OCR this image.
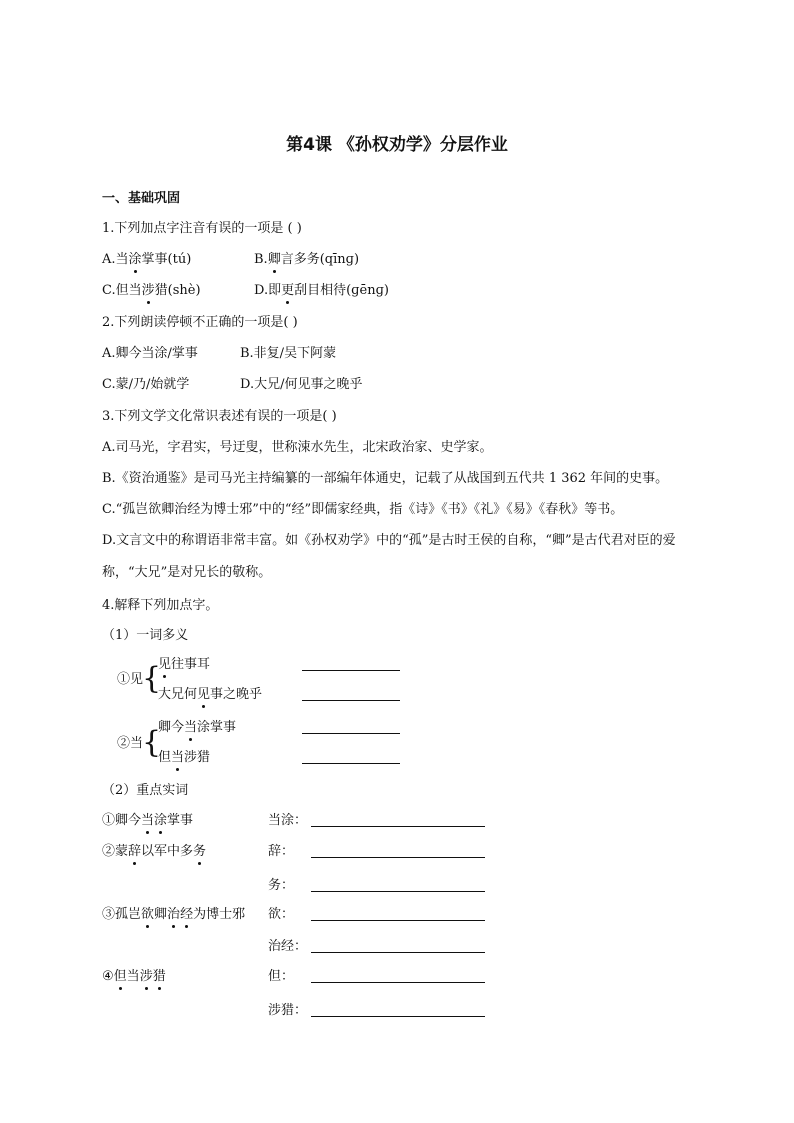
第4课 《孙权劝学》分层作业
一、基础巩固
1.下列加点字注音有误的一项是 ( )
A.当涂掌事(tú)	B.卿言多务(qīnɡ)
C.但当涉猎(shè)	D.即更刮目相待(ɡēnɡ)
2.下列朗读停顿不正确的一项是( )
A.卿今当涂/掌事	B.非复/吴下阿蒙
C.蒙/乃/始就学	D.大兄/何见事之晚乎
3.下列文学文化常识表述有误的一项是( )
A.司马光，字君实，号迂叟，世称涑水先生，北宋政治家、史学家。
B.《资治通鉴》是司马光主持编纂的一部编年体通史，记载了从战国到五代共 1 362 年间的史事。
C.“孤岂欲卿治经为博士邪”中的“经”即儒家经典，指《诗》《书》《礼》《易》《春秋》等书。
D.文言文中的称谓语非常丰富。如《孙权劝学》中的“孤”是古时王侯的自称，“卿”是古代君对臣的爱称，“大兄”是对兄长的敬称。
4.解释下列加点字。
（1）一词多义
①见
{
见往事耳
大兄何见事之晚乎
②当
{
卿今当涂掌事
但当涉猎
（2）重点实词
①卿今当涂掌事	当涂：
②蒙辞以军中多务	辞：
务：
③孤岂欲卿治经为博士邪 欲：
治经：
④但当涉猎	但：
涉猎：
